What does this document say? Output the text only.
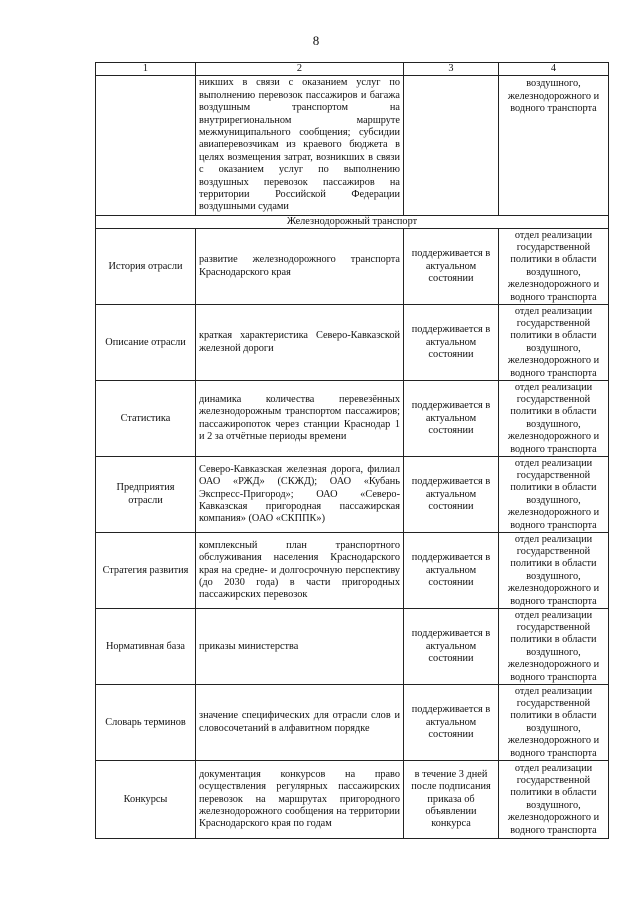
8
1	2	3	4
	никших в связи с оказанием услуг по выполнению перевозок пассажиров и багажа воздушным транспортом на внутрирегиональном маршруте межмуниципального сообщения; субсидии авиаперевозчикам из краевого бюджета в целях возмещения затрат, возникших в связи с оказанием услуг по выполнению воздушных перевозок пассажиров на территории Российской Федерации воздушными судами		воздушного, железнодорожного и водного транспорта
Железнодорожный транспорт			
История отрасли	развитие железнодорожного транспорта Краснодарского края	поддерживается в актуальном состоянии	отдел реализации государственной политики в области воздушного, железнодорожного и водного транспорта
Описание отрасли	краткая характеристика Северо-Кавказской железной дороги	поддерживается в актуальном состоянии	отдел реализации государственной политики в области воздушного, железнодорожного и водного транспорта
Статистика	динамика количества перевезённых железнодорожным транспортом пассажиров; пассажиропоток через станции Краснодар 1 и 2 за отчётные периоды времени	поддерживается в актуальном состоянии	отдел реализации государственной политики в области воздушного, железнодорожного и водного транспорта
Предприятия отрасли	Северо-Кавказская железная дорога, филиал ОАО «РЖД» (СКЖД); ОАО «Кубань Экспресс-Пригород»; ОАО «Северо-Кавказская пригородная пассажирская компания» (ОАО «СКППК»)	поддерживается в актуальном состоянии	отдел реализации государственной политики в области воздушного, железнодорожного и водного транспорта
Стратегия развития	комплексный план транспортного обслуживания населения Краснодарского края на средне- и долгосрочную перспективу (до 2030 года) в части пригородных пассажирских перевозок	поддерживается в актуальном состоянии	отдел реализации государственной политики в области воздушного, железнодорожного и водного транспорта
Нормативная база	приказы министерства	поддерживается в актуальном состоянии	отдел реализации государственной политики в области воздушного, железнодорожного и водного транспорта
Словарь терминов	значение специфических для отрасли слов и словосочетаний в алфавитном порядке	поддерживается в актуальном состоянии	отдел реализации государственной политики в области воздушного, железнодорожного и водного транспорта
Конкурсы	документация конкурсов на право осуществления регулярных пассажирских перевозок на маршрутах пригородного железнодорожного сообщения на территории Краснодарского края по годам	в течение 3 дней после подписания приказа об объявлении конкурса	отдел реализации государственной политики в области воздушного, железнодорожного и водного транспорта
